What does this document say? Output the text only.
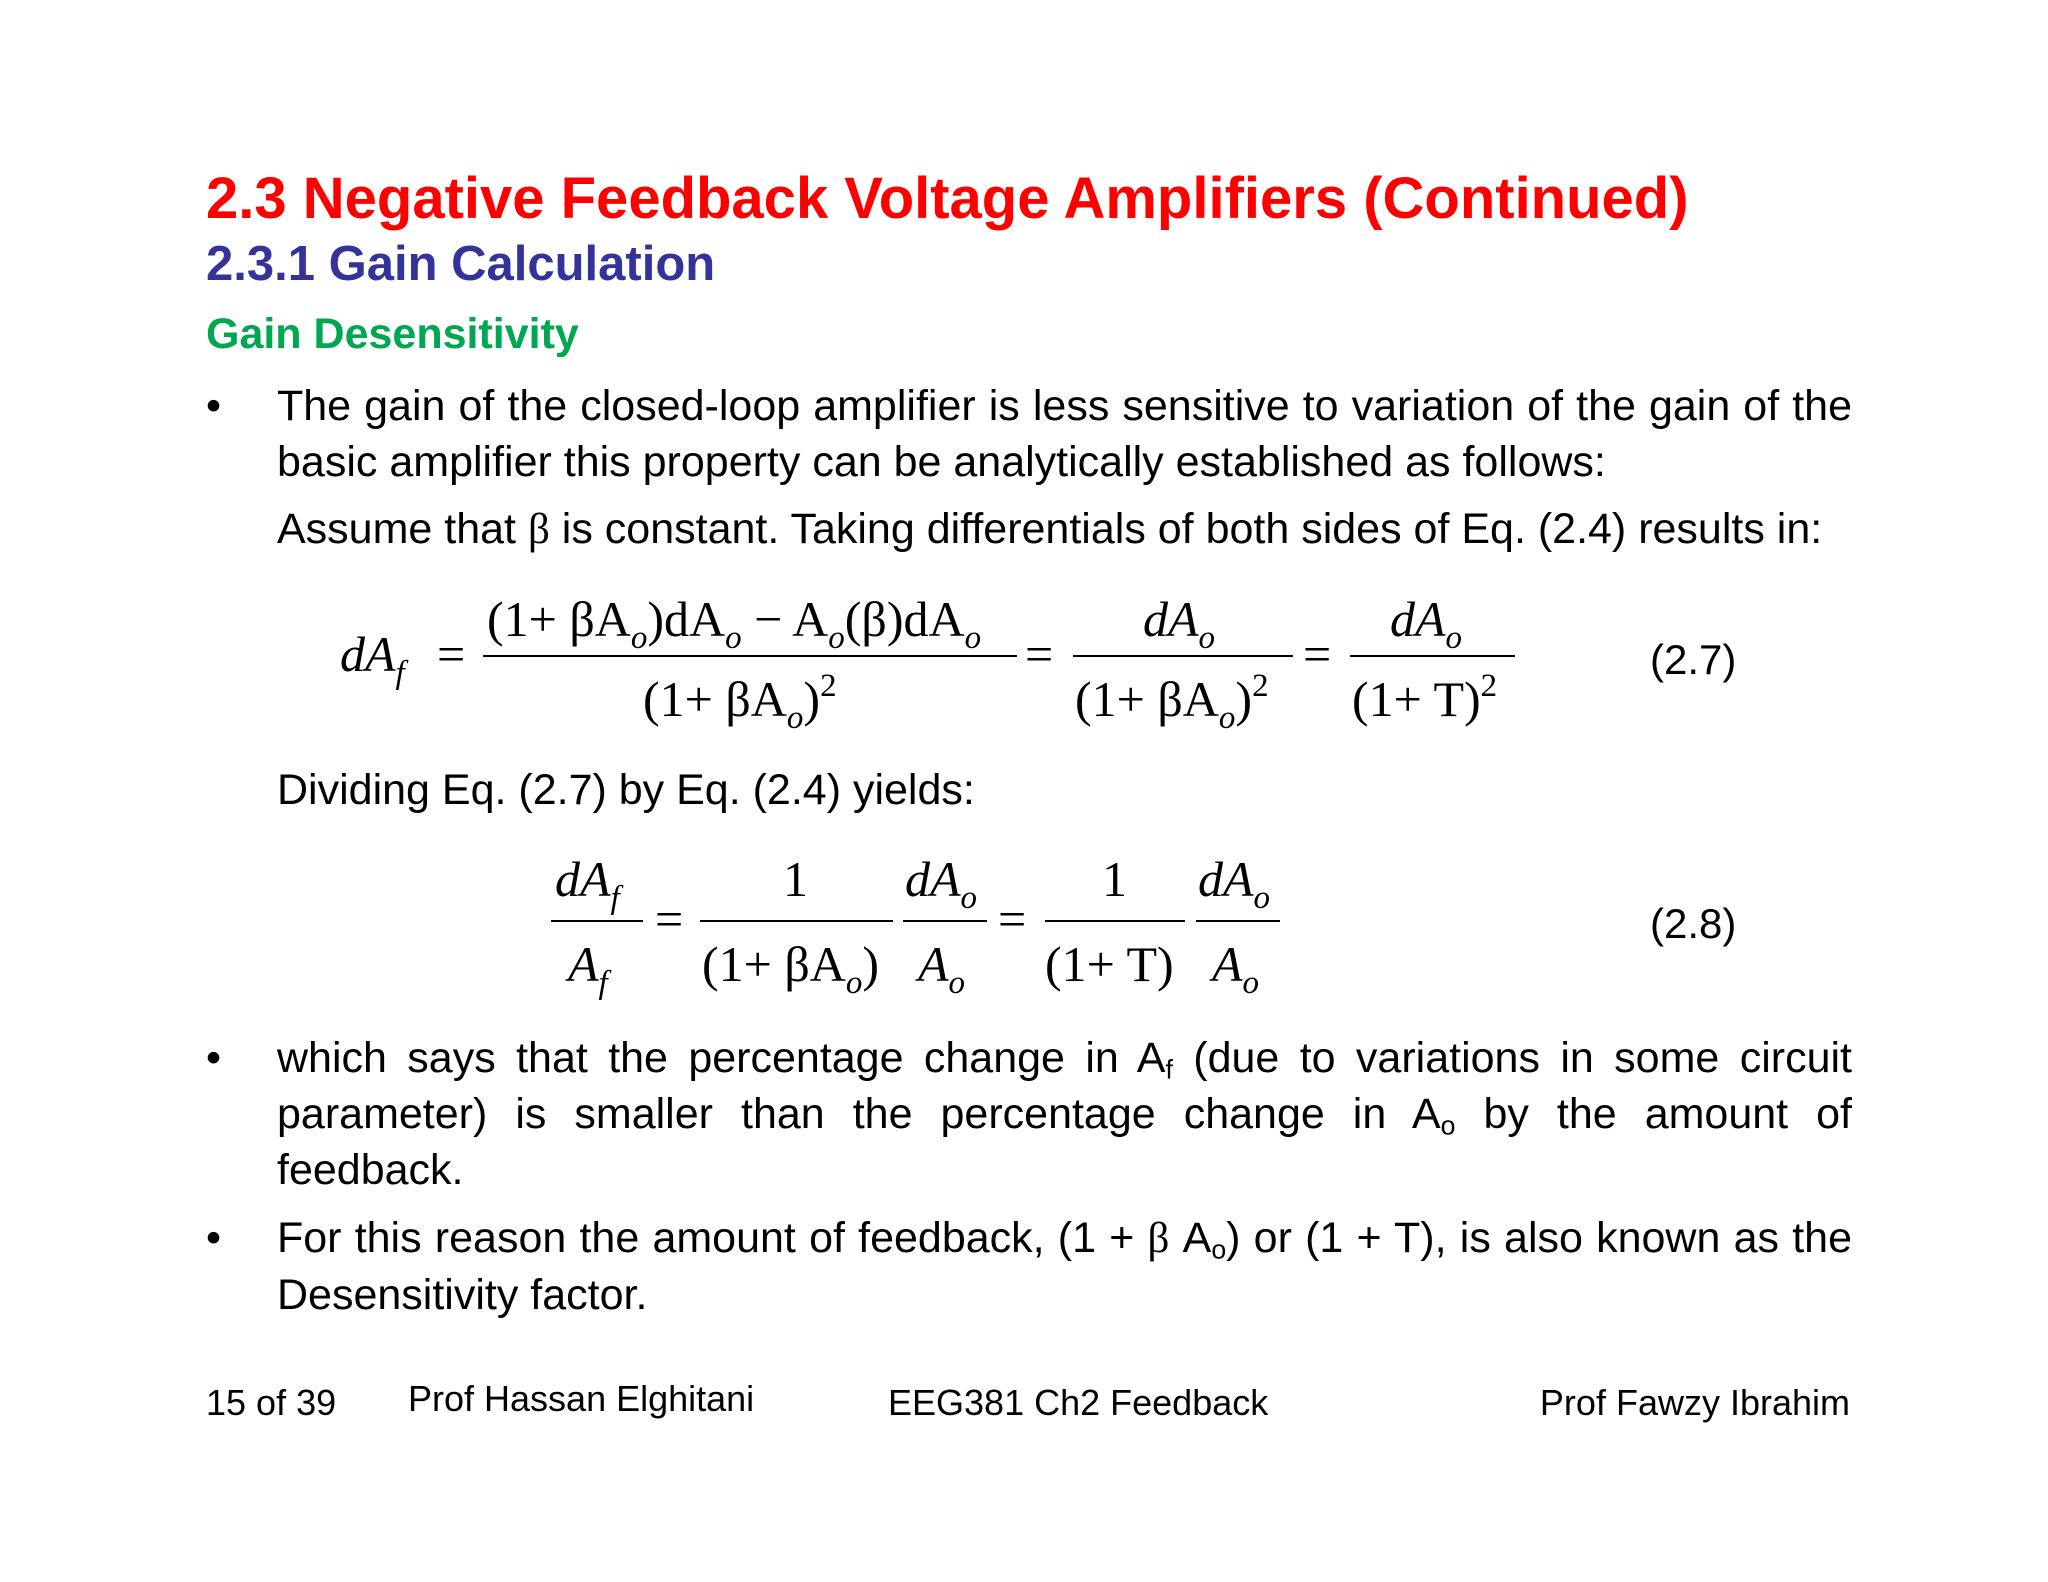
2.3 Negative Feedback Voltage Amplifiers (Continued)
2.3.1 Gain Calculation
Gain Desensitivity
• The gain of the closed-loop amplifier is less sensitive to variation of the gain of the basic amplifier this property can be analytically established as follows:
Assume that β is constant. Taking differentials of both sides of Eq. (2.4) results in:
$dA_f$ =
$(1+ \beta A_o)dA_o - A_o(\beta)dA_o$
$(1+ \beta A_o)^2$
=
$dA_o$
$(1+ \beta A_o)^2$
=
$dA_o$
$(1+ T)^2$
(2.7)
Dividing Eq. (2.7) by Eq. (2.4) yields:
$dA_f$
$A_f$
=
1
$(1+ \beta A_o)$
$dA_o$
$A_o$
=
1
(1+ T)
$dA_o$
$A_o$
(2.8)
• which says that the percentage change in $A_f$ (due to variations in some circuit parameter) is smaller than the percentage change in $A_o$ by the amount of feedback.
• For this reason the amount of feedback, (1 + β $A_o$) or (1 + T), is also known as the Desensitivity factor.
15 of 39 Prof Hassan Elghitani	EEG381 Ch2 Feedback	Prof Fawzy Ibrahim
